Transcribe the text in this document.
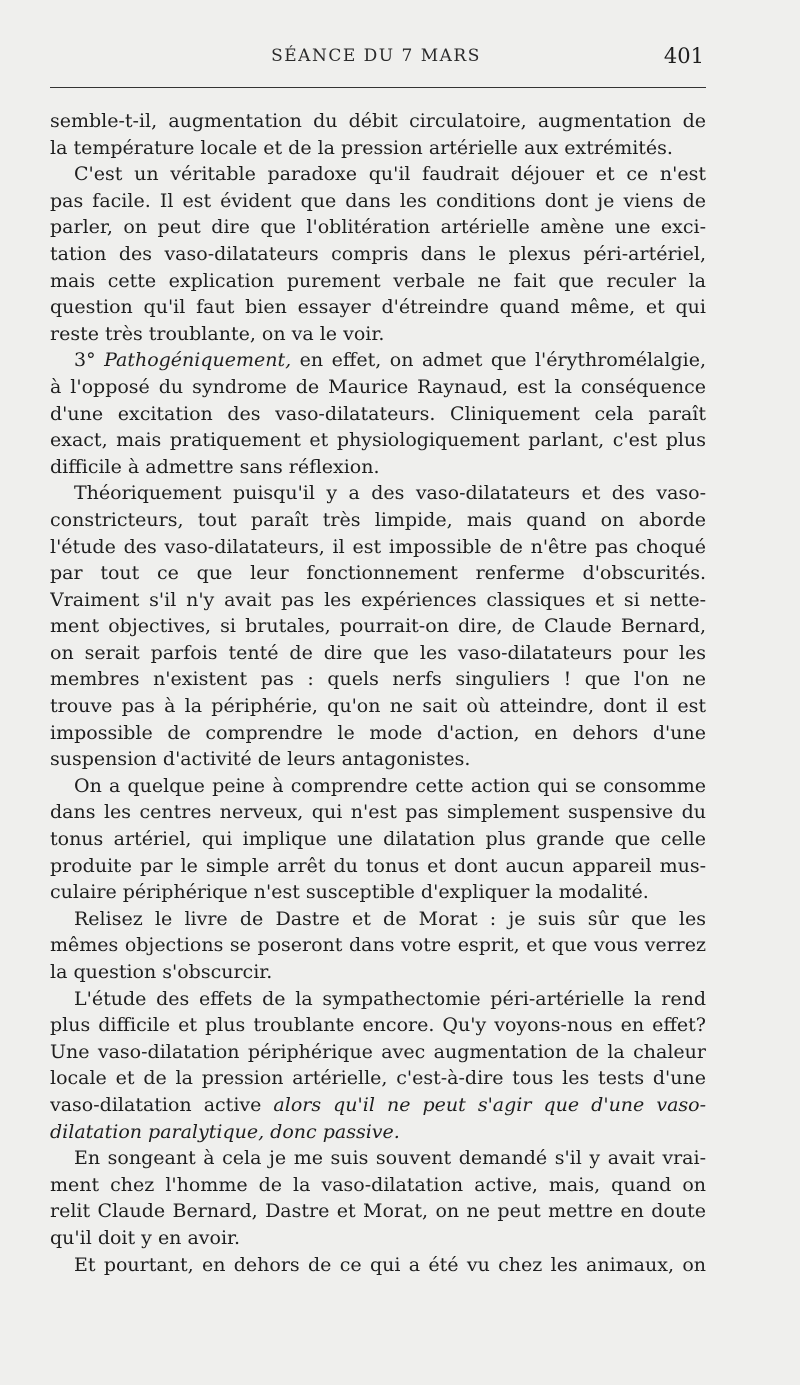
SÉANCE DU 7 MARS	401
semble-t-il, augmentation du débit circulatoire, augmentation de
la température locale et de la pression artérielle aux extrémités.
C'est un véritable paradoxe qu'il faudrait déjouer et ce n'est
pas facile. Il est évident que dans les conditions dont je viens de
parler, on peut dire que l'oblitération artérielle amène une exci-
tation des vaso-dilatateurs compris dans le plexus péri-artériel,
mais cette explication purement verbale ne fait que reculer la
question qu'il faut bien essayer d'étreindre quand même, et qui
reste très troublante, on va le voir.
3° Pathogéniquement, en effet, on admet que l'érythromélalgie,
à l'opposé du syndrome de Maurice Raynaud, est la conséquence
d'une excitation des vaso-dilatateurs. Cliniquement cela paraît
exact, mais pratiquement et physiologiquement parlant, c'est plus
difficile à admettre sans réflexion.
Théoriquement puisqu'il y a des vaso-dilatateurs et des vaso-
constricteurs, tout paraît très limpide, mais quand on aborde
l'étude des vaso-dilatateurs, il est impossible de n'être pas choqué
par tout ce que leur fonctionnement renferme d'obscurités.
Vraiment s'il n'y avait pas les expériences classiques et si nette-
ment objectives, si brutales, pourrait-on dire, de Claude Bernard,
on serait parfois tenté de dire que les vaso-dilatateurs pour les
membres n'existent pas : quels nerfs singuliers ! que l'on ne
trouve pas à la périphérie, qu'on ne sait où atteindre, dont il est
impossible de comprendre le mode d'action, en dehors d'une
suspension d'activité de leurs antagonistes.
On a quelque peine à comprendre cette action qui se consomme
dans les centres nerveux, qui n'est pas simplement suspensive du
tonus artériel, qui implique une dilatation plus grande que celle
produite par le simple arrêt du tonus et dont aucun appareil mus-
culaire périphérique n'est susceptible d'expliquer la modalité.
Relisez le livre de Dastre et de Morat : je suis sûr que les
mêmes objections se poseront dans votre esprit, et que vous verrez
la question s'obscurcir.
L'étude des effets de la sympathectomie péri-artérielle la rend
plus difficile et plus troublante encore. Qu'y voyons-nous en effet?
Une vaso-dilatation périphérique avec augmentation de la chaleur
locale et de la pression artérielle, c'est-à-dire tous les tests d'une
vaso-dilatation active alors qu'il ne peut s'agir que d'une vaso-
dilatation paralytique, donc passive.
En songeant à cela je me suis souvent demandé s'il y avait vrai-
ment chez l'homme de la vaso-dilatation active, mais, quand on
relit Claude Bernard, Dastre et Morat, on ne peut mettre en doute
qu'il doit y en avoir.
Et pourtant, en dehors de ce qui a été vu chez les animaux, on
